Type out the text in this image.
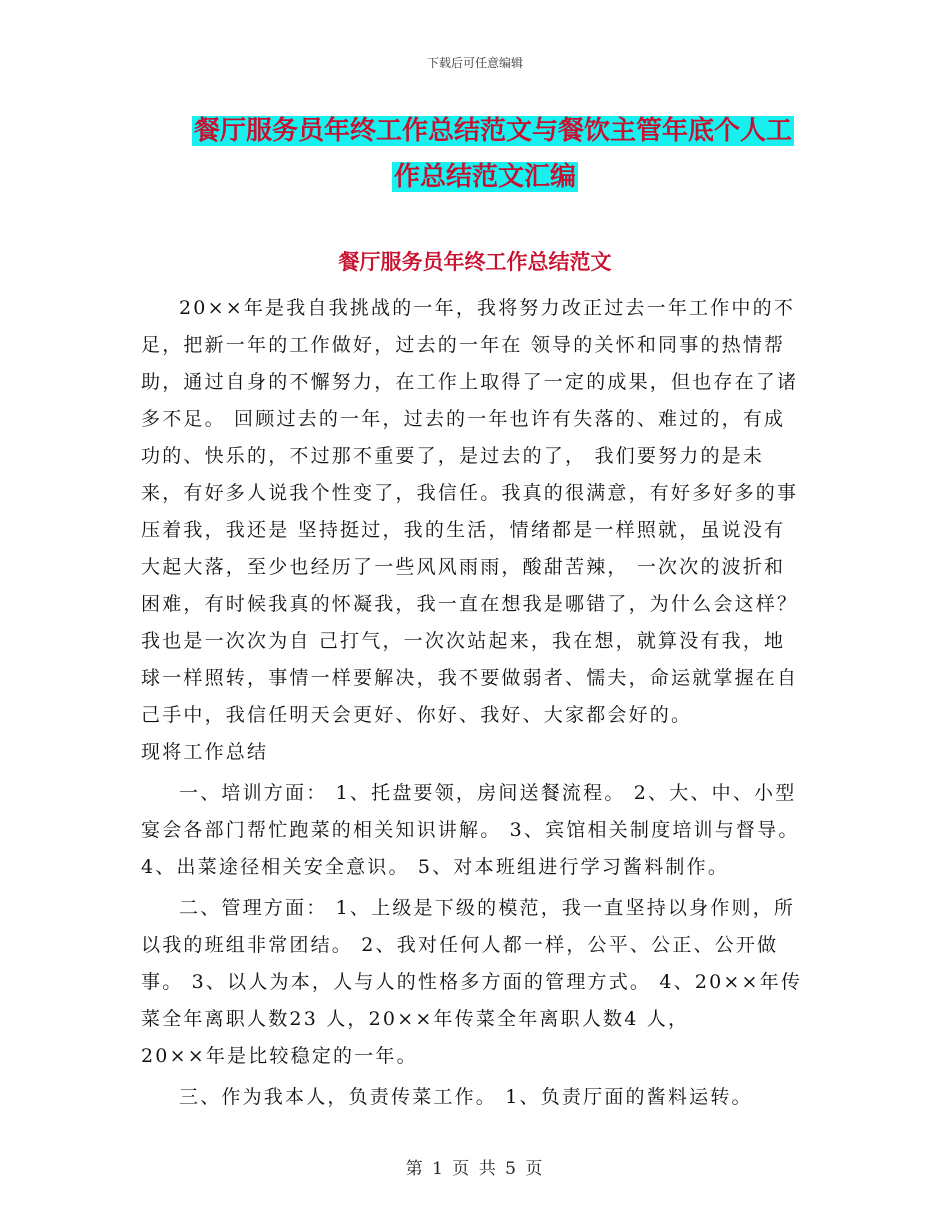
下载后可任意编辑
餐厅服务员年终工作总结范文与餐饮主管年底个人工
作总结范文汇编
餐厅服务员年终工作总结范文

20××年是我自我挑战的一年，我将努力改正过去一年工作中的不足，把新一年的工作做好，过去的一年在 领导的关怀和同事的热情帮助，通过自身的不懈努力，在工作上取得了一定的成果，但也存在了诸多不足。 回顾过去的一年，过去的一年也许有失落的、难过的，有成功的、快乐的，不过那不重要了，是过去的了， 我们要努力的是未来，有好多人说我个性变了，我信任。我真的很满意，有好多好多的事压着我，我还是 坚持挺过，我的生活，情绪都是一样照就，虽说没有大起大落，至少也经历了一些风风雨雨，酸甜苦辣， 一次次的波折和困难，有时候我真的怀凝我，我一直在想我是哪错了，为什么会这样？我也是一次次为自 己打气，一次次站起来，我在想，就算没有我，地球一样照转，事情一样要解决，我不要做弱者、懦夫，命运就掌握在自己手中，我信任明天会更好、你好、我好、大家都会好的。

现将工作总结

一、培训方面： 1、托盘要领，房间送餐流程。 2、大、中、小型宴会各部门帮忙跑菜的相关知识讲解。 3、宾馆相关制度培训与督导。 4、出菜途径相关安全意识。 5、对本班组进行学习酱料制作。

二、管理方面： 1、上级是下级的模范，我一直坚持以身作则，所以我的班组非常团结。 2、我对任何人都一样，公平、公正、公开做事。 3、以人为本，人与人的性格多方面的管理方式。 4、20××年传菜全年离职人数23 人，20××年传菜全年离职人数4 人，

20××年是比较稳定的一年。

三、作为我本人，负责传菜工作。 1、负责厅面的酱料运转。

第 1 页 共 5 页
